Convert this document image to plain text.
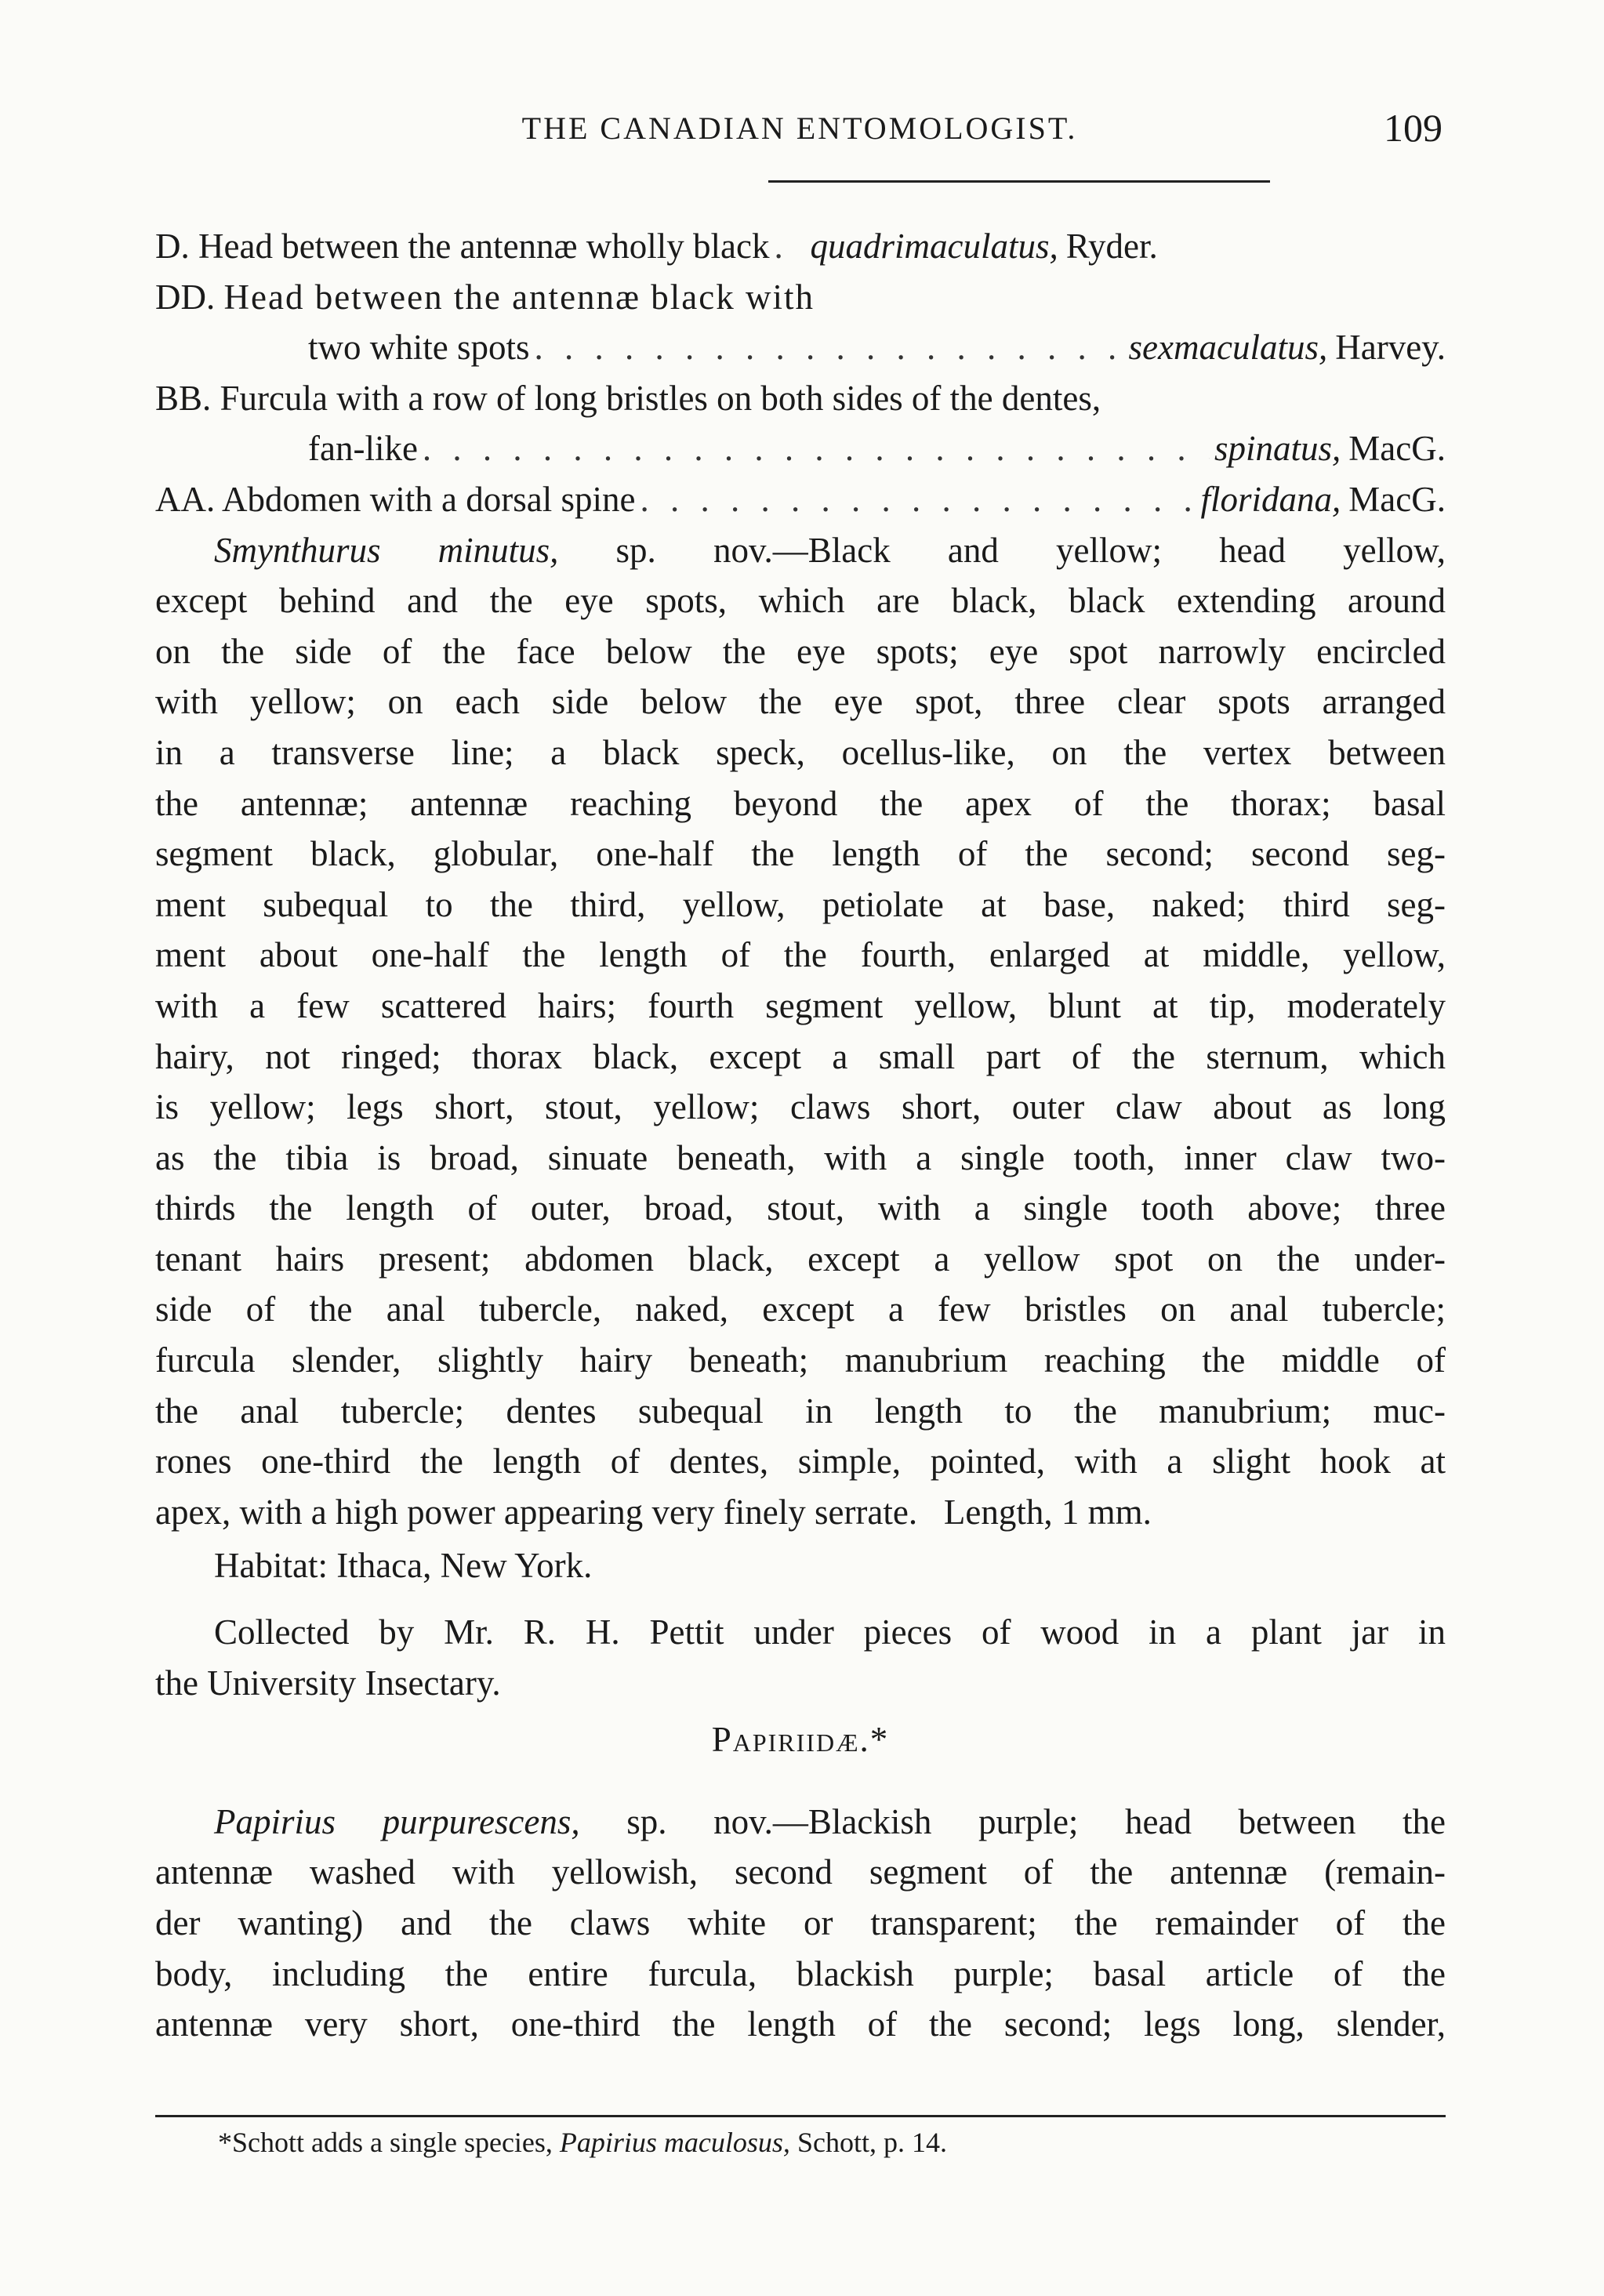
THE CANADIAN ENTOMOLOGIST.	109
D. Head between the antennæ wholly black . . . quadrimaculatus, Ryder.
DD. Head between the antennæ black with
two white spots . . .	sexmaculatus, Harvey.
BB. Furcula with a row of long bristles on both sides of the dentes,
fan-like . . .	spinatus, MacG.
AA. Abdomen with a dorsal spine . . .	floridana, MacG.
Smynthurus minutus, sp. nov.—Black and yellow; head yellow,
except behind and the eye spots, which are black, black extending around
on the side of the face below the eye spots; eye spot narrowly encircled
with yellow; on each side below the eye spot, three clear spots arranged
in a transverse line; a black speck, ocellus-like, on the vertex between
the antennæ; antennæ reaching beyond the apex of the thorax; basal
segment black, globular, one-half the length of the second; second seg-
ment subequal to the third, yellow, petiolate at base, naked; third seg-
ment about one-half the length of the fourth, enlarged at middle, yellow,
with a few scattered hairs; fourth segment yellow, blunt at tip, moderately
hairy, not ringed; thorax black, except a small part of the sternum, which
is yellow; legs short, stout, yellow; claws short, outer claw about as long
as the tibia is broad, sinuate beneath, with a single tooth, inner claw two-
thirds the length of outer, broad, stout, with a single tooth above; three
tenant hairs present; abdomen black, except a yellow spot on the under-
side of the anal tubercle, naked, except a few bristles on anal tubercle;
furcula slender, slightly hairy beneath; manubrium reaching the middle of
the anal tubercle; dentes subequal in length to the manubrium; muc-
rones one-third the length of dentes, simple, pointed, with a slight hook at
apex, with a high power appearing very finely serrate.   Length, 1 mm.
Habitat: Ithaca, New York.
Collected by Mr. R. H. Pettit under pieces of wood in a plant jar in
the University Insectary.
Papiriidæ.*
Papirius purpurescens, sp. nov.—Blackish purple; head between the
antennæ washed with yellowish, second segment of the antennæ (remain-
der wanting) and the claws white or transparent; the remainder of the
body, including the entire furcula, blackish purple; basal article of the
antennæ very short, one-third the length of the second; legs long, slender,
*Schott adds a single species, Papirius maculosus, Schott, p. 14.
